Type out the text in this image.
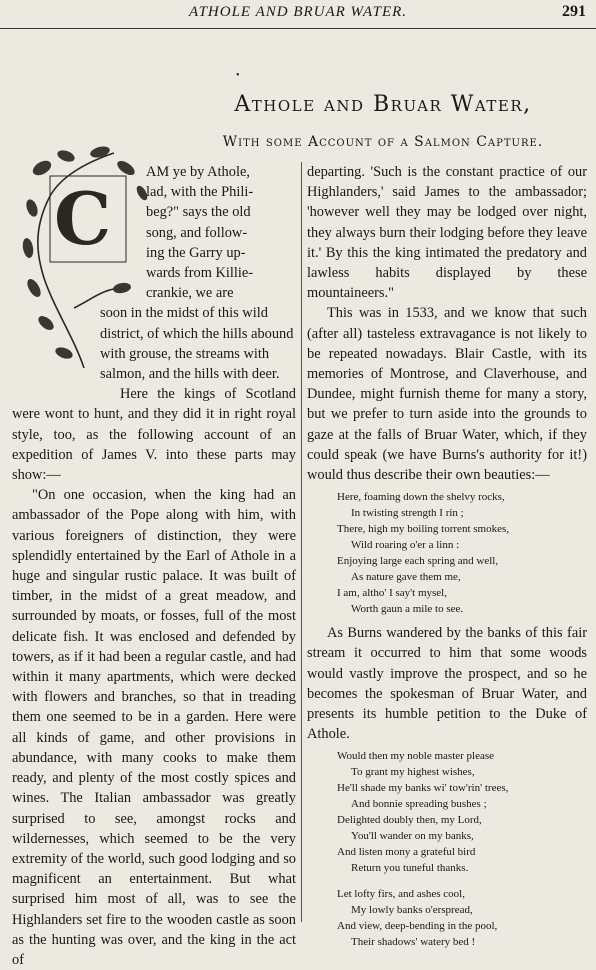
ATHOLE AND BRUAR WATER.	291
•
Athole and Bruar Water,
With some Account of a Salmon Capture.
C
AM ye by Athole,
lad, with the Phili-
beg?" says the old
song, and follow-
ing the Garry up-
wards from Killie-
crankie, we are
soon in the midst of this wild
district, of which the hills abound
with grouse, the streams with
salmon, and the hills with deer.

Here the kings of Scotland were wont to hunt, and they did it in right royal style, too, as the following account of an expedition of James V. into these parts may show:—

"On one occasion, when the king had an ambassador of the Pope along with him, with various foreigners of distinction, they were splendidly entertained by the Earl of Athole in a huge and singular rustic palace. It was built of timber, in the midst of a great meadow, and surrounded by moats, or fosses, full of the most delicate fish. It was enclosed and defended by towers, as if it had been a regular castle, and had within it many apartments, which were decked with flowers and branches, so that in treading them one seemed to be in a garden. Here were all kinds of game, and other provisions in abundance, with many cooks to make them ready, and plenty of the most costly spices and wines. The Italian ambassador was greatly surprised to see, amongst rocks and wildernesses, which seemed to be the very extremity of the world, such good lodging and so magnificent an entertainment. But what surprised him most of all, was to see the Highlanders set fire to the wooden castle as soon as the hunting was over, and the king in the act of

departing. 'Such is the constant practice of our Highlanders,' said James to the ambassador; 'however well they may be lodged over night, they always burn their lodging before they leave it.' By this the king intimated the predatory and lawless habits displayed by these mountaineers."

This was in 1533, and we know that such (after all) tasteless extravagance is not likely to be repeated nowadays. Blair Castle, with its memories of Montrose, and Claverhouse, and Dundee, might furnish theme for many a story, but we prefer to turn aside into the grounds to gaze at the falls of Bruar Water, which, if they could speak (we have Burns's authority for it!) would thus describe their own beauties:—

Here, foaming down the shelvy rocks,
In twisting strength I rin ;
There, high my boiling torrent smokes,
Wild roaring o'er a linn :
Enjoying large each spring and well,
As nature gave them me,
I am, altho' I say't mysel,
Worth gaun a mile to see.

As Burns wandered by the banks of this fair stream it occurred to him that some woods would vastly improve the prospect, and so he becomes the spokesman of Bruar Water, and presents its humble petition to the Duke of Athole.

Would then my noble master please
To grant my highest wishes,
He'll shade my banks wi' tow'rin' trees,
And bonnie spreading bushes ;
Delighted doubly then, my Lord,
You'll wander on my banks,
And listen mony a grateful bird
Return you tuneful thanks.
Let lofty firs, and ashes cool,
My lowly banks o'erspread,
And view, deep-bending in the pool,
Their shadows' watery bed !
